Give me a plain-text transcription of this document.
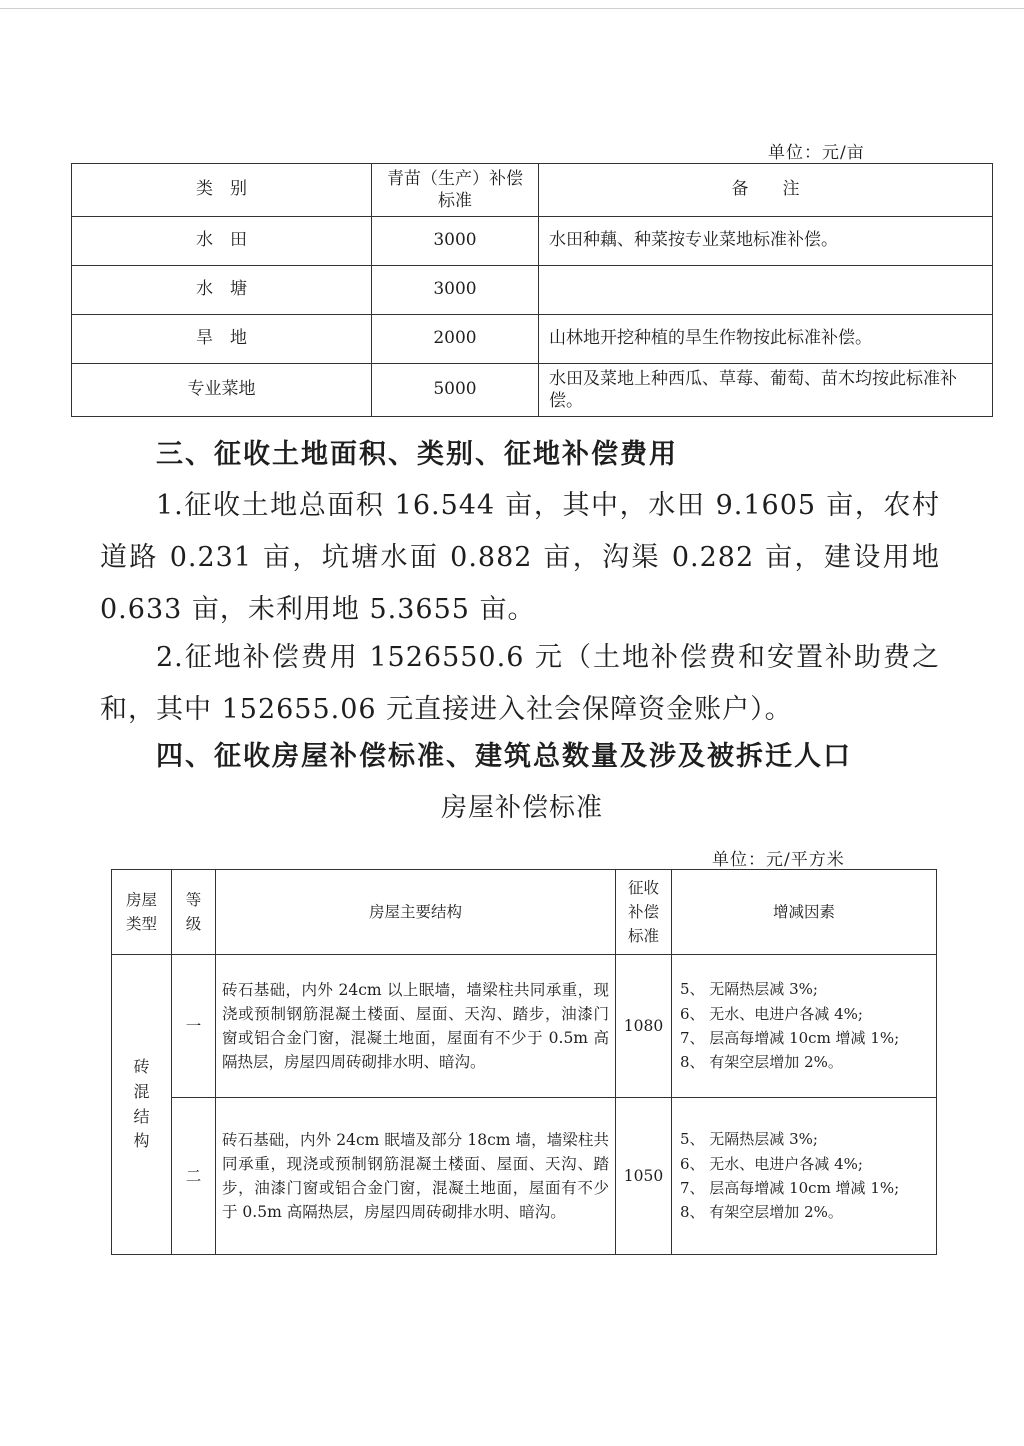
单位：元/亩
类　别	青苗（生产）补偿标准	备　　注
水　田	3000	水田种藕、种菜按专业菜地标准补偿。
水　塘	3000	
旱　地	2000	山林地开挖种植的旱生作物按此标准补偿。
专业菜地	5000	水田及菜地上种西瓜、草莓、葡萄、苗木均按此标准补偿。

三、征收土地面积、类别、征地补偿费用

1.征收土地总面积 16.544 亩，其中，水田 9.1605 亩，农村道路 0.231 亩，坑塘水面 0.882 亩，沟渠 0.282 亩，建设用地 0.633 亩，未利用地 5.3655 亩。

2.征地补偿费用 1526550.6 元（土地补偿费和安置补助费之和，其中 152655.06 元直接进入社会保障资金账户）。

四、征收房屋补偿标准、建筑总数量及涉及被拆迁人口

房屋补偿标准
单位：元/平方米
房屋类型	等级	房屋主要结构	征收补偿标准	增减因素
砖混结构	一	砖石基础，内外 24cm 以上眠墙，墙梁柱共同承重，现浇或预制钢筋混凝土楼面、屋面、天沟、踏步，油漆门窗或铝合金门窗，混凝土地面，屋面有不少于 0.5m 高隔热层，房屋四周砖砌排水明、暗沟。	1080	5、 无隔热层减 3%;
6、 无水、电进户各减 4%;
7、 层高每增减 10cm 增减 1%;
8、 有架空层增加 2%。

	二	砖石基础，内外 24cm 眠墙及部分 18cm 墙，墙梁柱共同承重，现浇或预制钢筋混凝土楼面、屋面、天沟、踏步，油漆门窗或铝合金门窗，混凝土地面，屋面有不少于 0.5m 高隔热层，房屋四周砖砌排水明、暗沟。	1050	5、 无隔热层减 3%;
6、 无水、电进户各减 4%;
7、 层高每增减 10cm 增减 1%;
8、 有架空层增加 2%。
